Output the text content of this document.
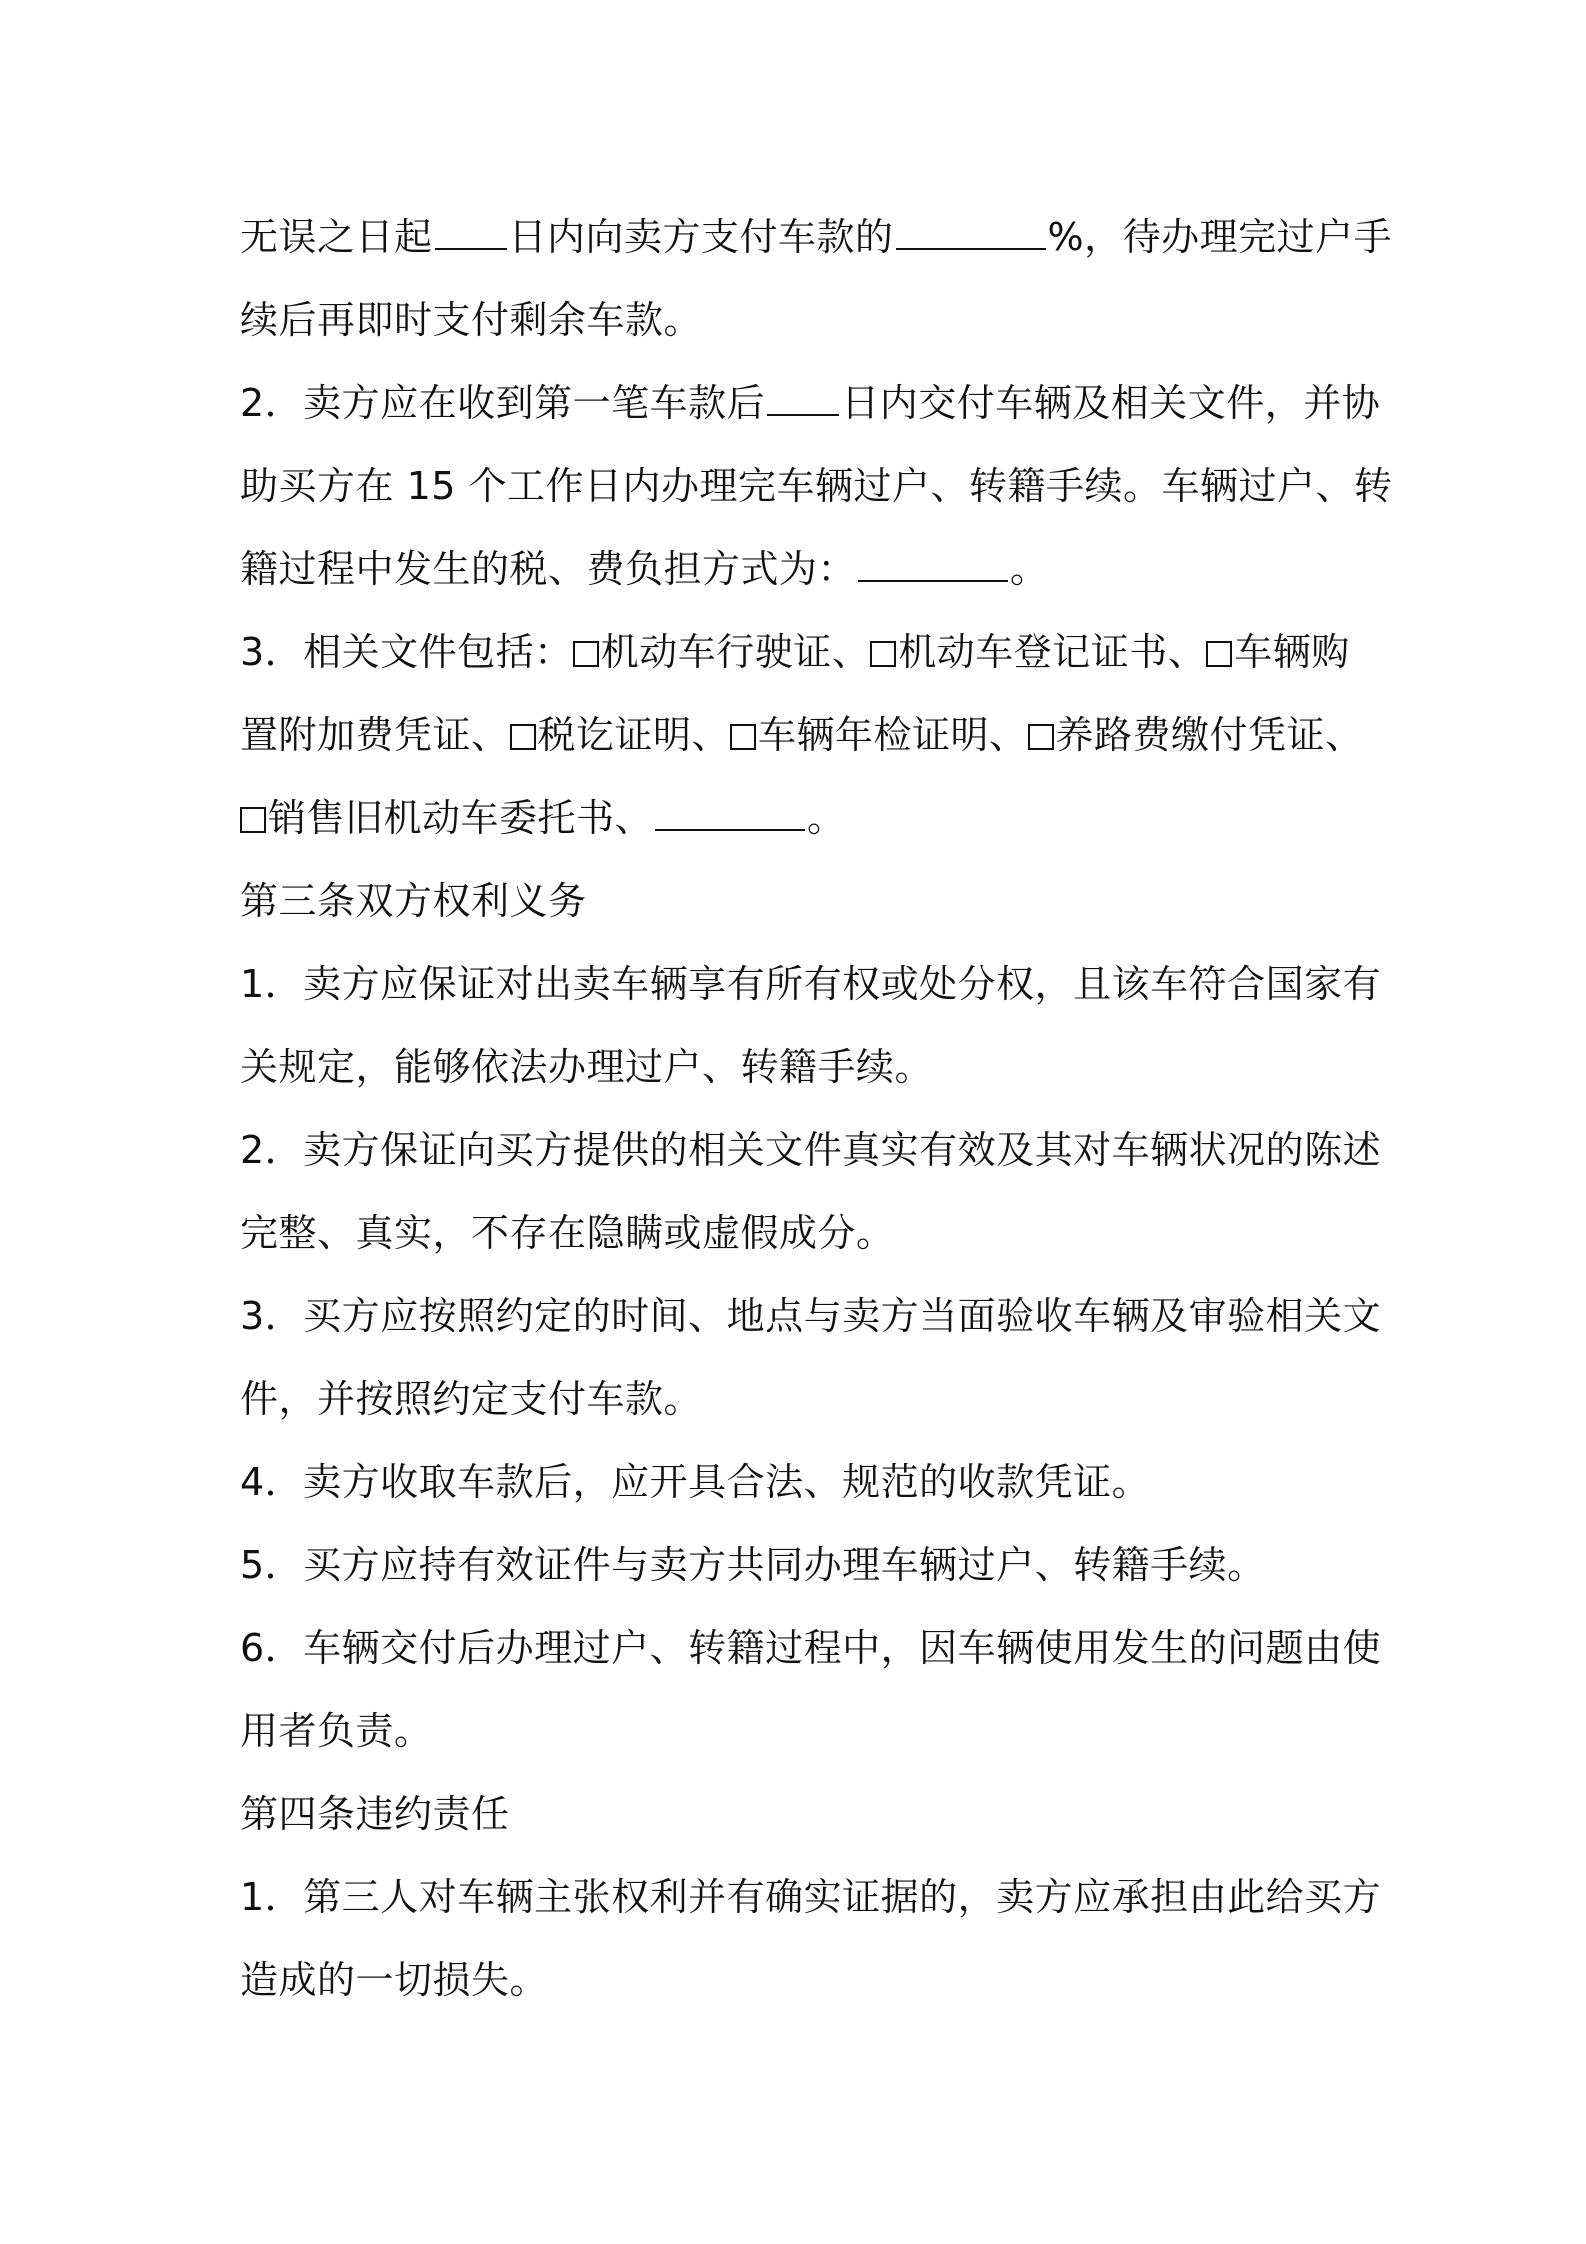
无误之日起 日内向卖方支付车款的	%，待办理完过户手
续后再即时支付剩余车款。
2．卖方应在收到第一笔车款后 日内交付车辆及相关文件，并协
助买方在 15 个工作日内办理完车辆过户、转籍手续。车辆过户、转
籍过程中发生的税、费负担方式为：	。
3．相关文件包括： 机动车行驶证、 机动车登记证书、 车辆购
置附加费凭证、 税讫证明、 车辆年检证明、 养路费缴付凭证、
销售旧机动车委托书、	。
第三条双方权利义务
1．卖方应保证对出卖车辆享有所有权或处分权，且该车符合国家有
关规定，能够依法办理过户、转籍手续。
2．卖方保证向买方提供的相关文件真实有效及其对车辆状况的陈述
完整、真实，不存在隐瞒或虚假成分。
3．买方应按照约定的时间、地点与卖方当面验收车辆及审验相关文
件，并按照约定支付车款。
4．卖方收取车款后，应开具合法、规范的收款凭证。
5．买方应持有效证件与卖方共同办理车辆过户、转籍手续。
6．车辆交付后办理过户、转籍过程中，因车辆使用发生的问题由使
用者负责。
第四条违约责任
1．第三人对车辆主张权利并有确实证据的，卖方应承担由此给买方
造成的一切损失。
